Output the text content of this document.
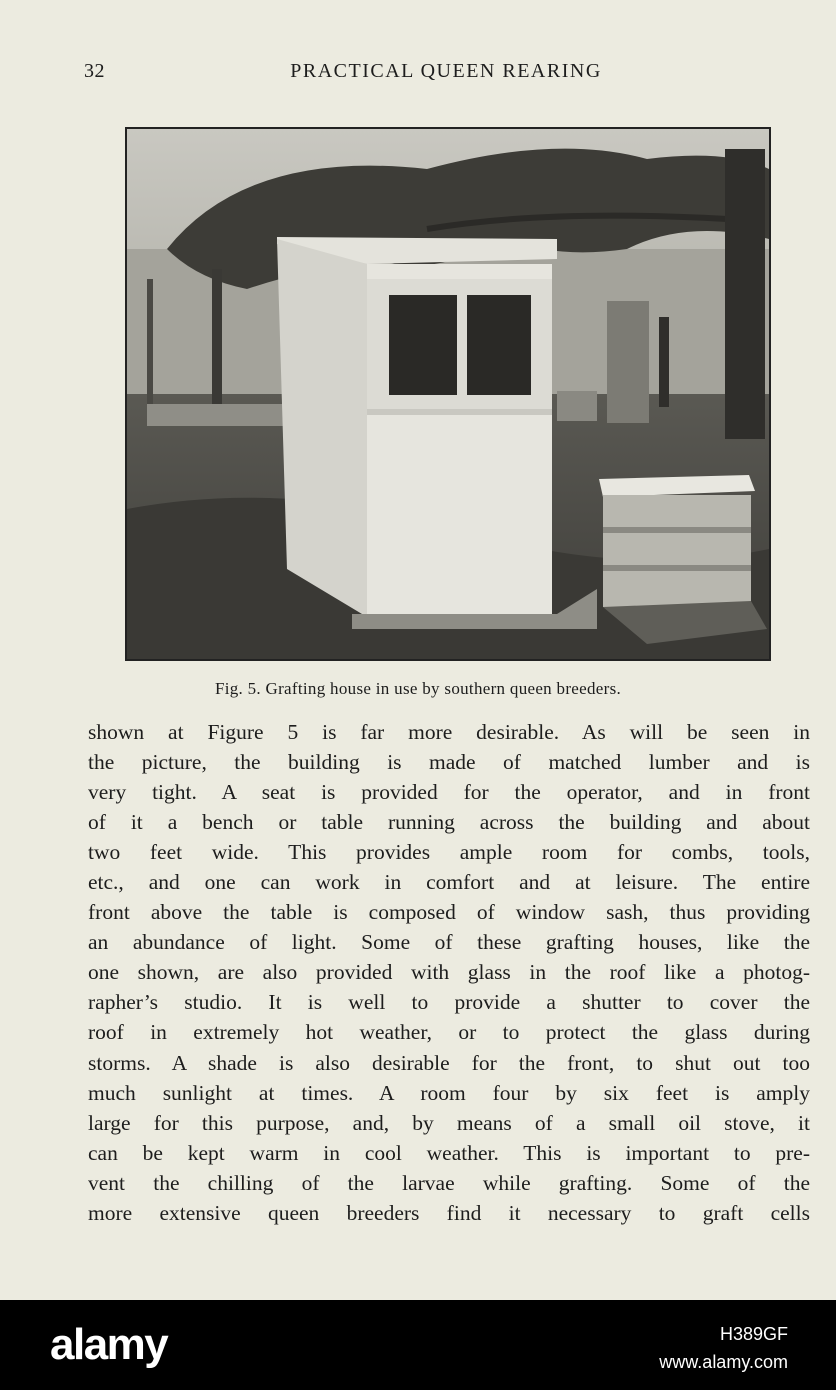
32	PRACTICAL QUEEN REARING
Fig. 5. Grafting house in use by southern queen breeders.
shown at Figure 5 is far more desirable. As will be seen in
the picture, the building is made of matched lumber and is
very tight. A seat is provided for the operator, and in front
of it a bench or table running across the building and about
two feet wide. This provides ample room for combs, tools,
etc., and one can work in comfort and at leisure. The entire
front above the table is composed of window sash, thus providing
an abundance of light. Some of these grafting houses, like the
one shown, are also provided with glass in the roof like a photog-
rapher’s studio. It is well to provide a shutter to cover the
roof in extremely hot weather, or to protect the glass during
storms. A shade is also desirable for the front, to shut out too
much sunlight at times. A room four by six feet is amply
large for this purpose, and, by means of a small oil stove, it
can be kept warm in cool weather. This is important to pre-
vent the chilling of the larvae while grafting. Some of the
more extensive queen breeders find it necessary to graft cells
alamy	H389GF
www.alamy.com
